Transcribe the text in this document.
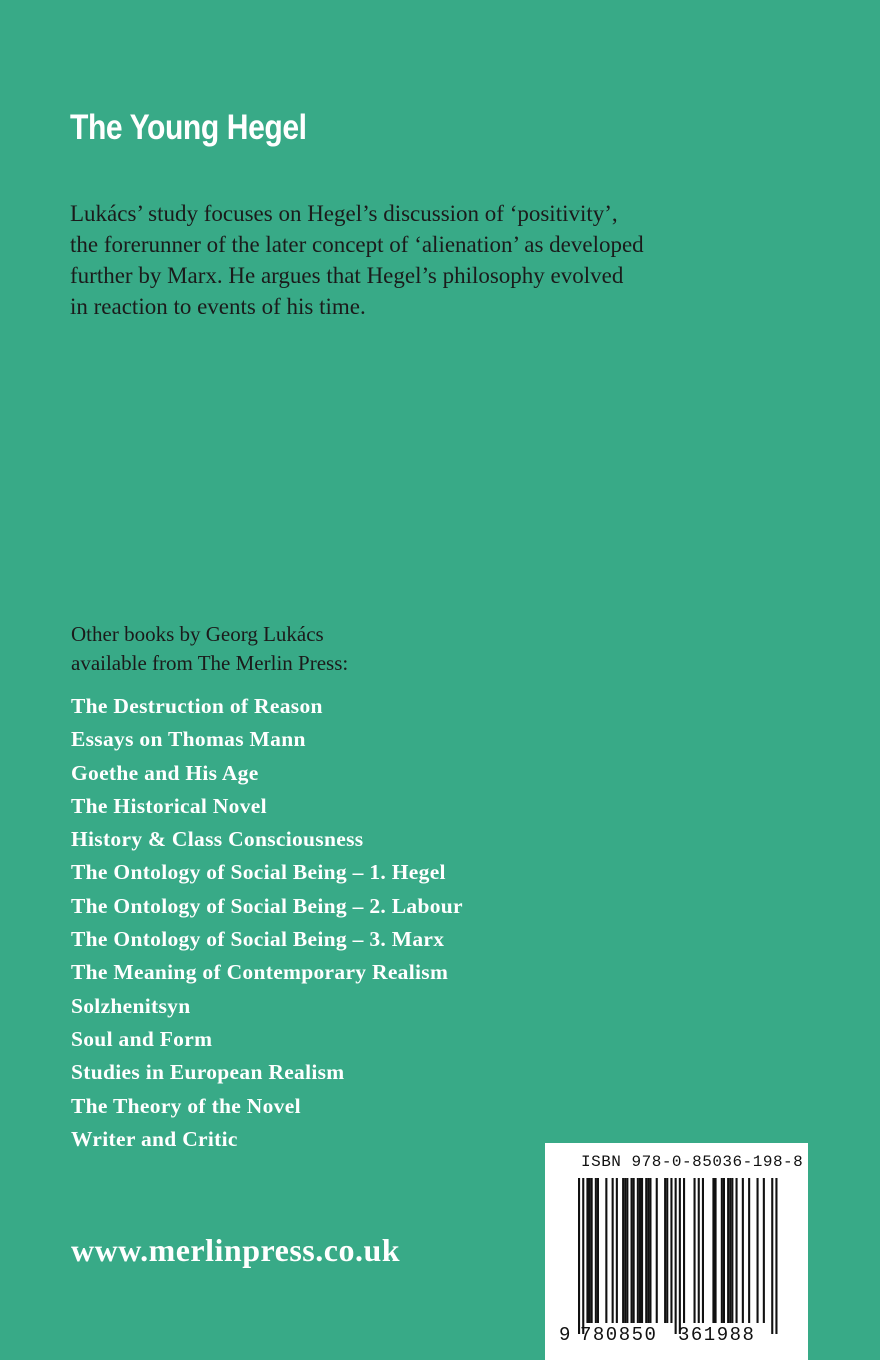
The Young Hegel

Lukács’ study focuses on Hegel’s discussion of ‘positivity’,
the forerunner of the later concept of ‘alienation’ as developed
further by Marx. He argues that Hegel’s philosophy evolved
in reaction to events of his time.

Other books by Georg Lukács
available from The Merlin Press:

The Destruction of Reason
Essays on Thomas Mann
Goethe and His Age
The Historical Novel
History & Class Consciousness
The Ontology of Social Being – 1. Hegel
The Ontology of Social Being – 2. Labour
The Ontology of Social Being – 3. Marx
The Meaning of Contemporary Realism
Solzhenitsyn
Soul and Form
Studies in European Realism
The Theory of the Novel
Writer and Critic
www.merlinpress.co.uk
ISBN 978-0-85036-198-8
9 780850 361988
